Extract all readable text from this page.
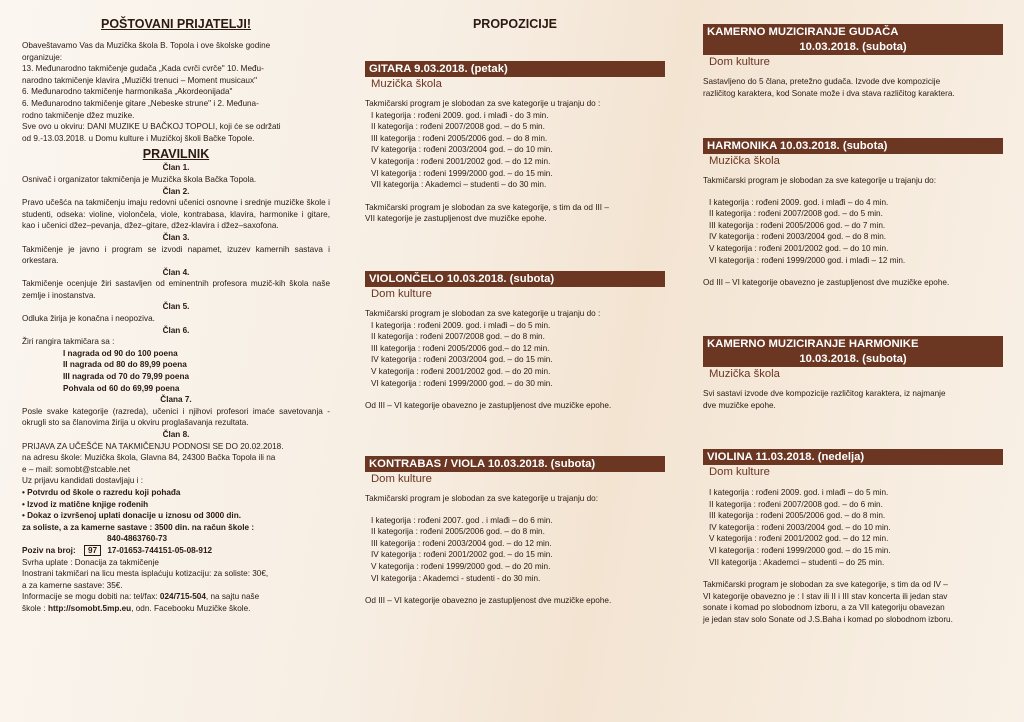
POŠTOVANI PRIJATELJI!

Obaveštavamo Vas da Muzička škola B. Topola i ove školske godine

organizuje:

13. Međunarodno takmičenje gudača „Kada cvrči cvrče" 10. Među-

narodno takmičenje klavira „Muzički trenuci – Moment musicaux"

6. Međunarodno takmičenje harmonikaša „Akordeonijada"

6. Međunarodno takmičenje gitare „Nebeske strune" i 2. Međuna-

rodno takmičenje džez muzike.

Sve ovo u okviru: DANI MUZIKE U BAČKOJ TOPOLI, koji će se održati

od 9.-13.03.2018. u Domu kulture i Muzičkoj školi Bačke Topole.

PRAVILNIK

Član 1.

Osnivač i organizator takmičenja je Muzička škola Bačka Topola.

Član 2.

Pravo učešća na takmičenju imaju redovni učenici osnovne i srednje muzičke škole i studenti, odseka: violine, violončela, viole, kontrabasa, klavira, harmonike i gitare, kao i učenici džez–pevanja, džez–gitare, džez-klavira i džez–saxofona.

Član 3.

Takmičenje je javno i program se izvodi napamet, izuzev kamernih sastava i orkestara.

Član 4.

Takmičenje ocenjuje žiri sastavljen od eminentnih profesora muzič-kih škola naše zemlje i inostanstva.

Član 5.

Odluka žirija je konačna i neopoziva.

Član 6.

Žiri rangira takmičara sa :

I nagrada od 90 do 100 poena

II nagrada od 80 do 89,99 poena

III nagrada od 70 do 79,99 poena

Pohvala od 60 do 69,99 poena

Člana 7.

Posle svake kategorije (razreda), učenici i njihovi profesori imaće savetovanja - okrugli sto sa članovima žirija u okviru proglašavanja rezultata.

Član 8.

PRIJAVA ZA UČEŠĆE NA TAKMIČENJU PODNOSI SE DO 20.02.2018.

na adresu škole: Muzička škola, Glavna 84, 24300 Bačka Topola ili na

e – mail: somobt@stcable.net

Uz prijavu kandidati dostavljaju i :

• Potvrdu od škole o razredu koji pohađa

• Izvod iz matične knjige rođenih

• Dokaz o izvršenoj uplati donacije u iznosu od 3000 din.

za soliste, a za kamerne sastave : 3500 din. na račun škole :

840-4863760-73

Poziv na broj: 97 17-01653-744151-05-08-912

Svrha uplate : Donacija za takmičenje

Inostrani takmičari na licu mesta isplaćuju kotizaciju: za soliste: 30€,

a za kamerne sastave: 35€.

Informacije se mogu dobiti na: tel/fax: 024/715-504, na sajtu naše

škole : http://somobt.5mp.eu, odn. Facebooku Muzičke škole.

PROPOZICIJE
GITARA 9.03.2018. (petak)
Muzička škola

Takmičarski program je slobodan za sve kategorije u trajanju do :

I kategorija : rođeni 2009. god. i mlađi - do 3 min.

II kategorija : rođeni 2007/2008 god. – do 5 min.

III kategorija : rođeni 2005/2006 god. – do 8 min.

IV kategorija : rođeni 2003/2004 god. – do 10 min.

V kategorija : rođeni 2001/2002 god. – do 12 min.

VI kategorija : rođeni 1999/2000 god. – do 15 min.

VII kategorija : Akademci – studenti – do 30 min.

Takmičarski program je slobodan za sve kategorije, s tim da od III –

VII kategorije je zastupljenost dve muzičke epohe.

VIOLONČELO 10.03.2018. (subota)
Dom kulture

Takmičarski program je slobodan za sve kategorije u trajanju do :

I kategorija : rođeni 2009. god. i mlađi – do 5 min.

II kategorija : rođeni 2007/2008 god. – do 8 min.

III kategorija : rođeni 2005/2006 god.– do 12 min.

IV kategorija : rođeni 2003/2004 god. – do 15 min.

V kategorija : rođeni 2001/2002 god. – do 20 min.

VI kategorija : rođeni 1999/2000 god. – do 30 min.

Od III – VI kategorije obavezno je zastupljenost dve muzičke epohe.

KONTRABAS / VIOLA 10.03.2018. (subota)
Dom kulture

Takmičarski program je slobodan za sve kategorije u trajanju do:

I kategorija : rođeni 2007. god . i mlađi – do 6 min.

II kategorija : rođeni 2005/2006 god. – do 8 min.

III kategorija : rođeni 2003/2004 god. – do 12 min.

IV kategorija : rođeni 2001/2002 god. – do 15 min.

V kategorija : rođeni 1999/2000 god. – do 20 min.

VI kategorija : Akademci - studenti - do 30 min.

Od III – VI kategorije obavezno je zastupljenost dve muzičke epohe.

KAMERNO MUZICIRANJE GUDAČA
10.03.2018. (subota)
Dom kulture

Sastavljeno do 5 člana, pretežno gudača. Izvode dve kompozicije

različitog karaktera, kod Sonate može i dva stava različitog karaktera.

HARMONIKA 10.03.2018. (subota)
Muzička škola

Takmičarski program je slobodan za sve kategorije u trajanju do:

I kategorija : rođeni 2009. god. i mlađi – do 4 min.

II kategorija : rođeni 2007/2008 god. – do 5 min.

III kategorija : rođeni 2005/2006 god. – do 7 min.

IV kategorija : rođeni 2003/2004 god. – do 8 min.

V kategorija : rođeni 2001/2002 god. – do 10 min.

VI kategorija : rođeni 1999/2000 god. i mlađi – 12 min.

Od III – VI kategorije obavezno je zastupljenost dve muzičke epohe.

KAMERNO MUZICIRANJE HARMONIKE
10.03.2018. (subota)
Muzička škola

Svi sastavi izvode dve kompozicije različitog karaktera, iz najmanje

dve muzičke epohe.

VIOLINA 11.03.2018. (nedelja)
Dom kulture

I kategorija : rođeni 2009. god. i mlađi – do 5 min.

II kategorija : rođeni 2007/2008 god. – do 6 min.

III kategorija : rođeni 2005/2006 god. – do 8 min.

IV kategorija : rođeni 2003/2004 god. – do 10 min.

V kategorija : rođeni 2001/2002 god. – do 12 min.

VI kategorija : rođeni 1999/2000 god. – do 15 min.

VII kategorija : Akademci – studenti – do 25 min.

Takmičarski program je slobodan za sve kategorije, s tim da od IV –

VI kategorije obavezno je : I stav ili II i III stav koncerta ili jedan stav

sonate i komad po slobodnom izboru, a za VII kategoriju obavezan

je jedan stav solo Sonate od J.S.Baha i komad po slobodnom izboru.
